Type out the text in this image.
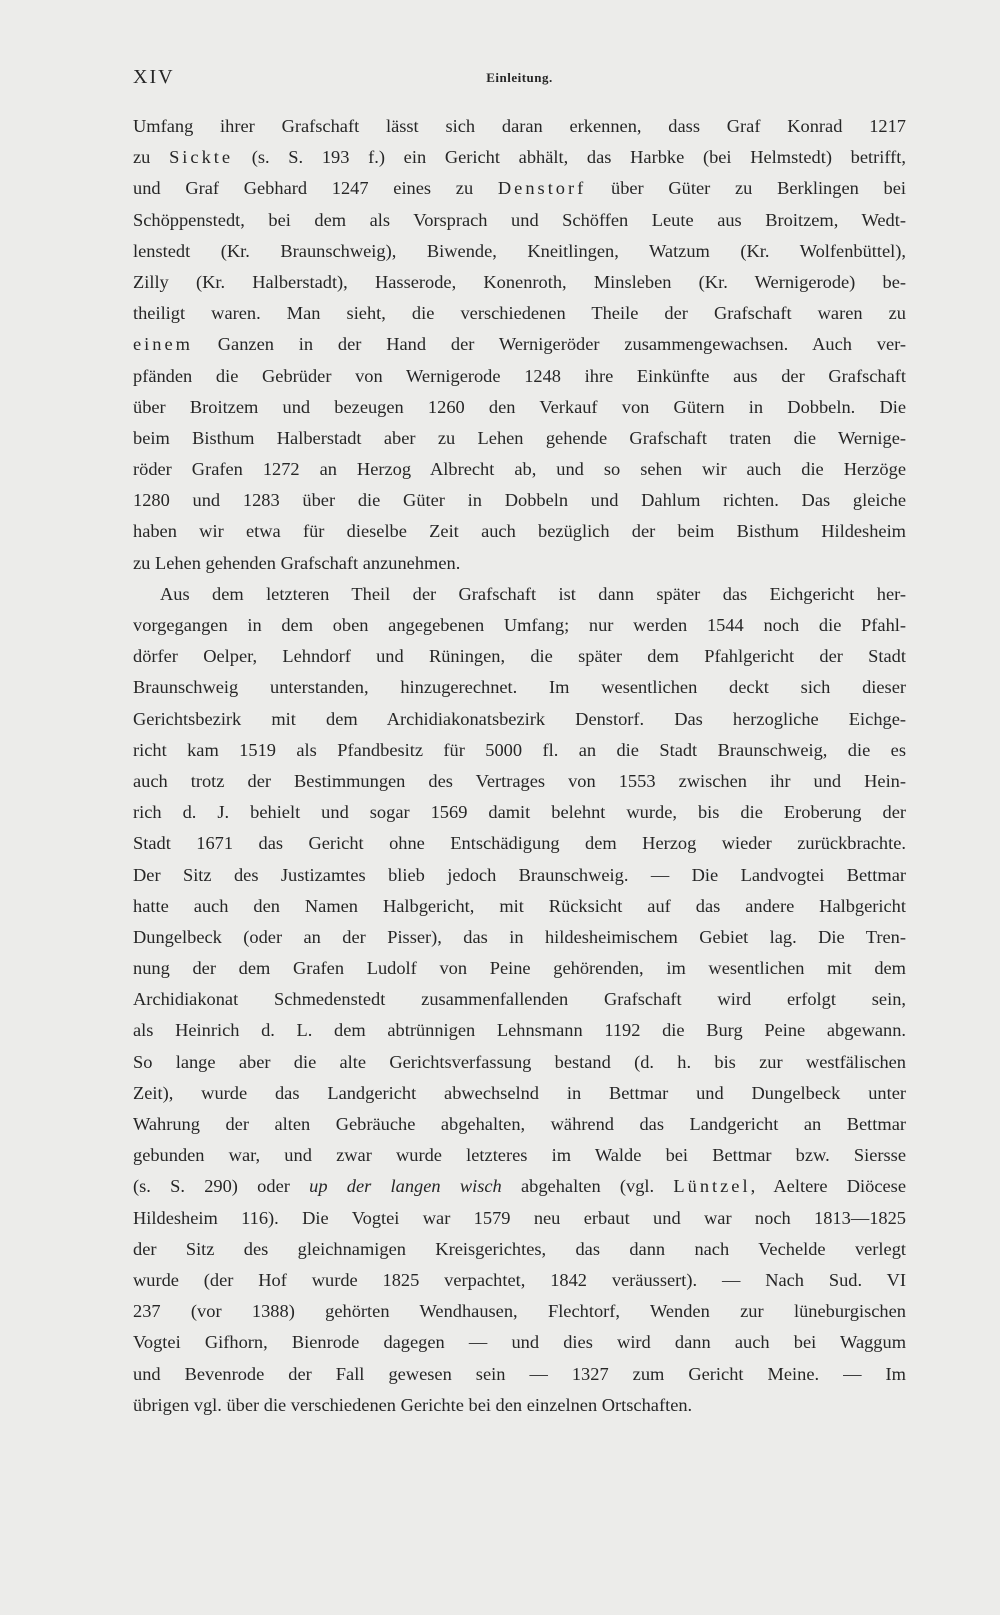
XIV	Einleitung.
Umfang ihrer Grafschaft lässt sich daran erkennen, dass Graf Konrad 1217
zu Sickte (s. S. 193 f.) ein Gericht abhält, das Harbke (bei Helmstedt) betrifft,
und Graf Gebhard 1247 eines zu Denstorf über Güter zu Berklingen bei
Schöppenstedt, bei dem als Vorsprach und Schöffen Leute aus Broitzem, Wedt-
lenstedt (Kr. Braunschweig), Biwende, Kneitlingen, Watzum (Kr. Wolfenbüttel),
Zilly (Kr. Halberstadt), Hasserode, Konenroth, Minsleben (Kr. Wernigerode) be-
theiligt waren. Man sieht, die verschiedenen Theile der Grafschaft waren zu
einem Ganzen in der Hand der Wernigeröder zusammengewachsen. Auch ver-
pfänden die Gebrüder von Wernigerode 1248 ihre Einkünfte aus der Grafschaft
über Broitzem und bezeugen 1260 den Verkauf von Gütern in Dobbeln. Die
beim Bisthum Halberstadt aber zu Lehen gehende Grafschaft traten die Wernige-
röder Grafen 1272 an Herzog Albrecht ab, und so sehen wir auch die Herzöge
1280 und 1283 über die Güter in Dobbeln und Dahlum richten. Das gleiche
haben wir etwa für dieselbe Zeit auch bezüglich der beim Bisthum Hildesheim
zu Lehen gehenden Grafschaft anzunehmen.
Aus dem letzteren Theil der Grafschaft ist dann später das Eichgericht her-
vorgegangen in dem oben angegebenen Umfang; nur werden 1544 noch die Pfahl-
dörfer Oelper, Lehndorf und Rüningen, die später dem Pfahlgericht der Stadt
Braunschweig unterstanden, hinzugerechnet. Im wesentlichen deckt sich dieser
Gerichtsbezirk mit dem Archidiakonatsbezirk Denstorf. Das herzogliche Eichge-
richt kam 1519 als Pfandbesitz für 5000 fl. an die Stadt Braunschweig, die es
auch trotz der Bestimmungen des Vertrages von 1553 zwischen ihr und Hein-
rich d. J. behielt und sogar 1569 damit belehnt wurde, bis die Eroberung der
Stadt 1671 das Gericht ohne Entschädigung dem Herzog wieder zurückbrachte.
Der Sitz des Justizamtes blieb jedoch Braunschweig. — Die Landvogtei Bettmar
hatte auch den Namen Halbgericht, mit Rücksicht auf das andere Halbgericht
Dungelbeck (oder an der Pisser), das in hildesheimischem Gebiet lag. Die Tren-
nung der dem Grafen Ludolf von Peine gehörenden, im wesentlichen mit dem
Archidiakonat Schmedenstedt zusammenfallenden Grafschaft wird erfolgt sein,
als Heinrich d. L. dem abtrünnigen Lehnsmann 1192 die Burg Peine abgewann.
So lange aber die alte Gerichtsverfassung bestand (d. h. bis zur westfälischen
Zeit), wurde das Landgericht abwechselnd in Bettmar und Dungelbeck unter
Wahrung der alten Gebräuche abgehalten, während das Landgericht an Bettmar
gebunden war, und zwar wurde letzteres im Walde bei Bettmar bzw. Siersse
(s. S. 290) oder up der langen wisch abgehalten (vgl. Lüntzel, Aeltere Diöcese
Hildesheim 116). Die Vogtei war 1579 neu erbaut und war noch 1813—1825
der Sitz des gleichnamigen Kreisgerichtes, das dann nach Vechelde verlegt
wurde (der Hof wurde 1825 verpachtet, 1842 veräussert). — Nach Sud. VI
237 (vor 1388) gehörten Wendhausen, Flechtorf, Wenden zur lüneburgischen
Vogtei Gifhorn, Bienrode dagegen — und dies wird dann auch bei Waggum
und Bevenrode der Fall gewesen sein — 1327 zum Gericht Meine. — Im
übrigen vgl. über die verschiedenen Gerichte bei den einzelnen Ortschaften.
